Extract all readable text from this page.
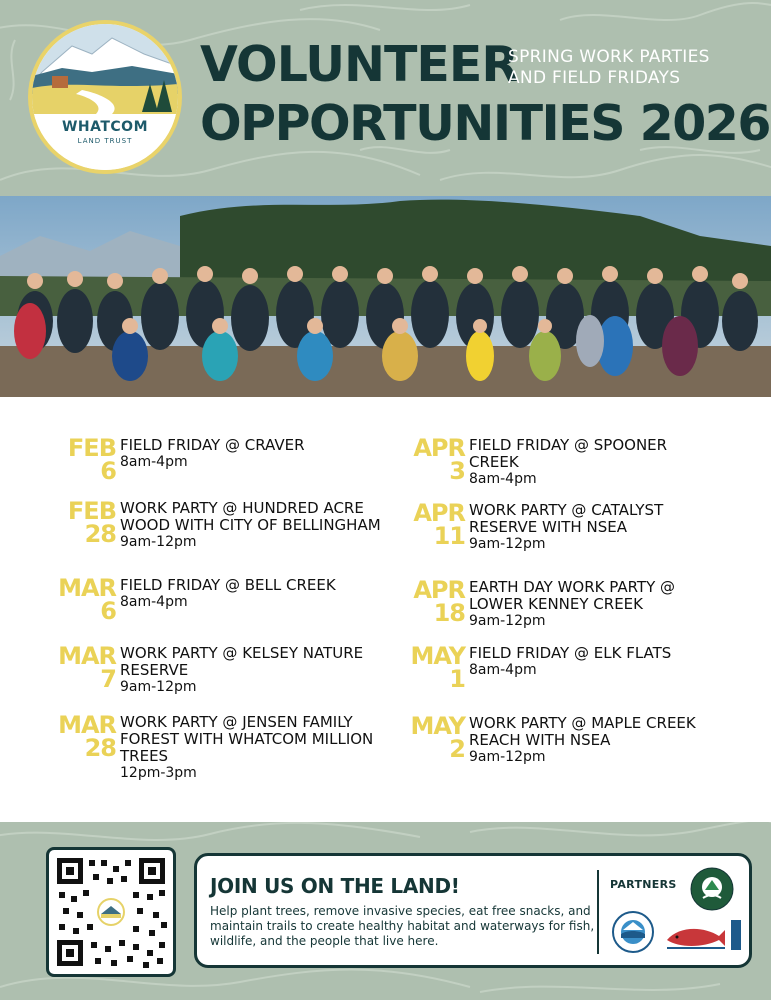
WHATCOM
LAND TRUST
VOLUNTEER
SPRING WORK PARTIES
AND FIELD FRIDAYS
OPPORTUNITIES 2026
FEB
6
FIELD FRIDAY @ CRAVER
8am-4pm
FEB
28
WORK PARTY @ HUNDRED ACRE WOOD WITH CITY OF BELLINGHAM
9am-12pm
MAR
6
FIELD FRIDAY @ BELL CREEK
8am-4pm
MAR
7
WORK PARTY @ KELSEY NATURE RESERVE
9am-12pm
MAR
28
WORK PARTY @ JENSEN FAMILY FOREST WITH WHATCOM MILLION TREES
12pm-3pm
APR
3
FIELD FRIDAY @ SPOONER CREEK
8am-4pm
APR
11
WORK PARTY @ CATALYST RESERVE WITH NSEA
9am-12pm
APR
18
EARTH DAY WORK PARTY @ LOWER KENNEY CREEK
9am-12pm
MAY
1
FIELD FRIDAY @ ELK FLATS
8am-4pm
MAY
2
WORK PARTY @ MAPLE CREEK REACH WITH NSEA
9am-12pm
JOIN US ON THE LAND!
Help plant trees, remove invasive species, eat free snacks, and maintain trails to create healthy habitat and waterways for fish, wildlife, and the people that live here.
PARTNERS
